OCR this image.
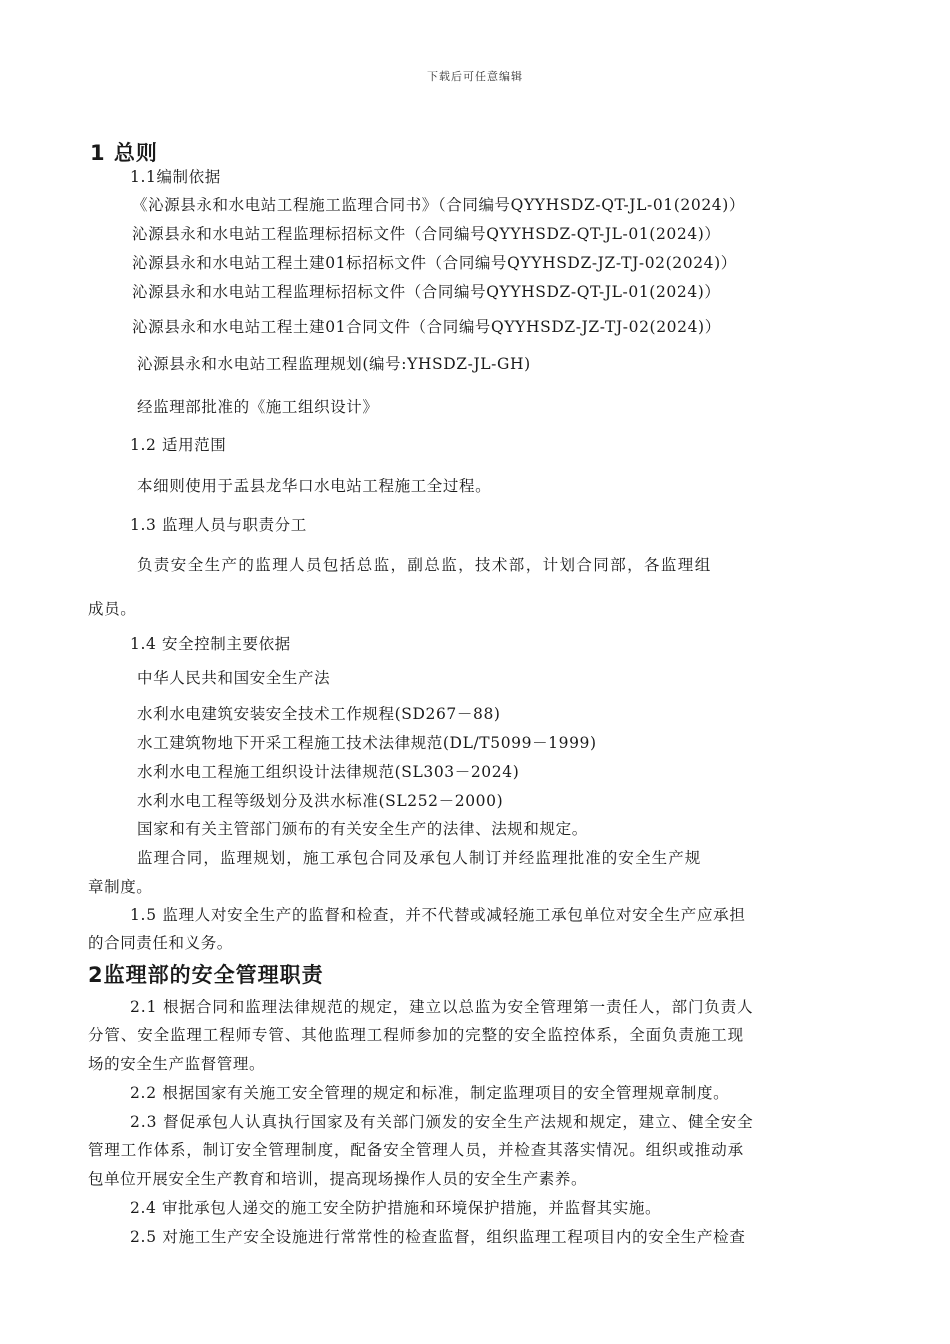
下载后可任意编辑
1 总则
1.1编制依据
《沁源县永和水电站工程施工监理合同书》（合同编号QYYHSDZ-QT-JL-01(2024)）
沁源县永和水电站工程监理标招标文件（合同编号QYYHSDZ-QT-JL-01(2024)）
沁源县永和水电站工程土建01标招标文件（合同编号QYYHSDZ-JZ-TJ-02(2024)）
沁源县永和水电站工程监理标招标文件（合同编号QYYHSDZ-QT-JL-01(2024)）
沁源县永和水电站工程土建01合同文件（合同编号QYYHSDZ-JZ-TJ-02(2024)）
沁源县永和水电站工程监理规划(编号:YHSDZ-JL-GH)
经监理部批准的《施工组织设计》
1.2 适用范围
本细则使用于盂县龙华口水电站工程施工全过程。
1.3 监理人员与职责分工
负责安全生产的监理人员包括总监，副总监，技术部，计划合同部，各监理组
成员。
1.4 安全控制主要依据
中华人民共和国安全生产法
水利水电建筑安装安全技术工作规程(SD267－88)
水工建筑物地下开采工程施工技术法律规范(DL/T5099－1999)
水利水电工程施工组织设计法律规范(SL303－2024)
水利水电工程等级划分及洪水标准(SL252－2000)
国家和有关主管部门颁布的有关安全生产的法律、法规和规定。
监理合同，监理规划，施工承包合同及承包人制订并经监理批准的安全生产规
章制度。
1.5 监理人对安全生产的监督和检查，并不代替或减轻施工承包单位对安全生产应承担
的合同责任和义务。
2监理部的安全管理职责
2.1 根据合同和监理法律规范的规定，建立以总监为安全管理第一责任人，部门负责人
分管、安全监理工程师专管、其他监理工程师参加的完整的安全监控体系，全面负责施工现
场的安全生产监督管理。
2.2 根据国家有关施工安全管理的规定和标准，制定监理项目的安全管理规章制度。
2.3 督促承包人认真执行国家及有关部门颁发的安全生产法规和规定，建立、健全安全
管理工作体系，制订安全管理制度，配备安全管理人员，并检查其落实情况。组织或推动承
包单位开展安全生产教育和培训，提高现场操作人员的安全生产素养。
2.4 审批承包人递交的施工安全防护措施和环境保护措施，并监督其实施。
2.5 对施工生产安全设施进行常常性的检查监督，组织监理工程项目内的安全生产检查
